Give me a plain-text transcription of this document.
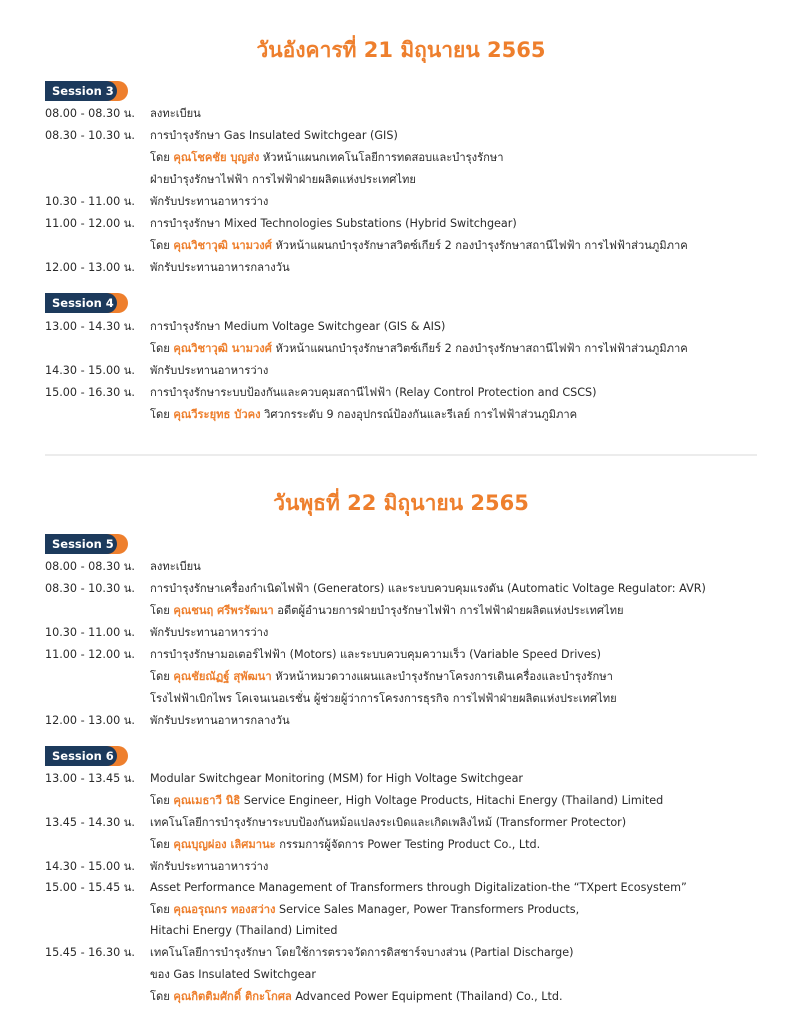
วันอังคารที่ 21 มิถุนายน 2565
Session 3
08.00 - 08.30 น. ลงทะเบียน
08.30 - 10.30 น. การบำรุงรักษา Gas Insulated Switchgear (GIS)
โดย คุณโชคชัย บุญส่ง หัวหน้าแผนกเทคโนโลยีการทดสอบและบำรุงรักษา
ฝ่ายบำรุงรักษาไฟฟ้า การไฟฟ้าฝ่ายผลิตแห่งประเทศไทย
10.30 - 11.00 น. พักรับประทานอาหารว่าง
11.00 - 12.00 น. การบำรุงรักษา Mixed Technologies Substations (Hybrid Switchgear)
โดย คุณวิชาวุฒิ นามวงศ์ หัวหน้าแผนกบำรุงรักษาสวิตซ์เกียร์ 2 กองบำรุงรักษาสถานีไฟฟ้า การไฟฟ้าส่วนภูมิภาค
12.00 - 13.00 น. พักรับประทานอาหารกลางวัน
Session 4
13.00 - 14.30 น. การบำรุงรักษา Medium Voltage Switchgear (GIS & AIS)
โดย คุณวิชาวุฒิ นามวงศ์ หัวหน้าแผนกบำรุงรักษาสวิตซ์เกียร์ 2 กองบำรุงรักษาสถานีไฟฟ้า การไฟฟ้าส่วนภูมิภาค
14.30 - 15.00 น. พักรับประทานอาหารว่าง
15.00 - 16.30 น. การบำรุงรักษาระบบป้องกันและควบคุมสถานีไฟฟ้า (Relay Control Protection and CSCS)
โดย คุณวีระยุทธ บัวคง วิศวกรระดับ 9 กองอุปกรณ์ป้องกันและรีเลย์ การไฟฟ้าส่วนภูมิภาค
วันพุธที่ 22 มิถุนายน 2565
Session 5
08.00 - 08.30 น. ลงทะเบียน
08.30 - 10.30 น. การบำรุงรักษาเครื่องกำเนิดไฟฟ้า (Generators) และระบบควบคุมแรงดัน (Automatic Voltage Regulator: AVR)
โดย คุณชนฤ ศรีพรรัฒนา อดีตผู้อำนวยการฝ่ายบำรุงรักษาไฟฟ้า การไฟฟ้าฝ่ายผลิตแห่งประเทศไทย
10.30 - 11.00 น. พักรับประทานอาหารว่าง
11.00 - 12.00 น. การบำรุงรักษามอเตอร์ไฟฟ้า (Motors) และระบบควบคุมความเร็ว (Variable Speed Drives)
โดย คุณชัยณัฏฐ์ สุพัฒนา หัวหน้าหมวดวางแผนและบำรุงรักษาโครงการเดินเครื่องและบำรุงรักษา
โรงไฟฟ้าเบิกไพร โคเจนเนอเรชั่น ผู้ช่วยผู้ว่าการโครงการธุรกิจ การไฟฟ้าฝ่ายผลิตแห่งประเทศไทย
12.00 - 13.00 น. พักรับประทานอาหารกลางวัน
Session 6
13.00 - 13.45 น. Modular Switchgear Monitoring (MSM) for High Voltage Switchgear
โดย คุณเมธาวี นิธิ Service Engineer, High Voltage Products, Hitachi Energy (Thailand) Limited
13.45 - 14.30 น. เทคโนโลยีการบำรุงรักษาระบบป้องกันหม้อแปลงระเบิดและเกิดเพลิงไหม้ (Transformer Protector)
โดย คุณบุญผ่อง เลิศมานะ กรรมการผู้จัดการ Power Testing Product Co., Ltd.
14.30 - 15.00 น. พักรับประทานอาหารว่าง
15.00 - 15.45 น. Asset Performance Management of Transformers through Digitalization-the “TXpert Ecosystem”
โดย คุณอรุณกร ทองสว่าง Service Sales Manager, Power Transformers Products,
Hitachi Energy (Thailand) Limited
15.45 - 16.30 น. เทคโนโลยีการบำรุงรักษา โดยใช้การตรวจวัดการดิสชาร์จบางส่วน (Partial Discharge)
ของ Gas Insulated Switchgear
โดย คุณกิตติมศักดิ์ ติกะโกศล Advanced Power Equipment (Thailand) Co., Ltd.
